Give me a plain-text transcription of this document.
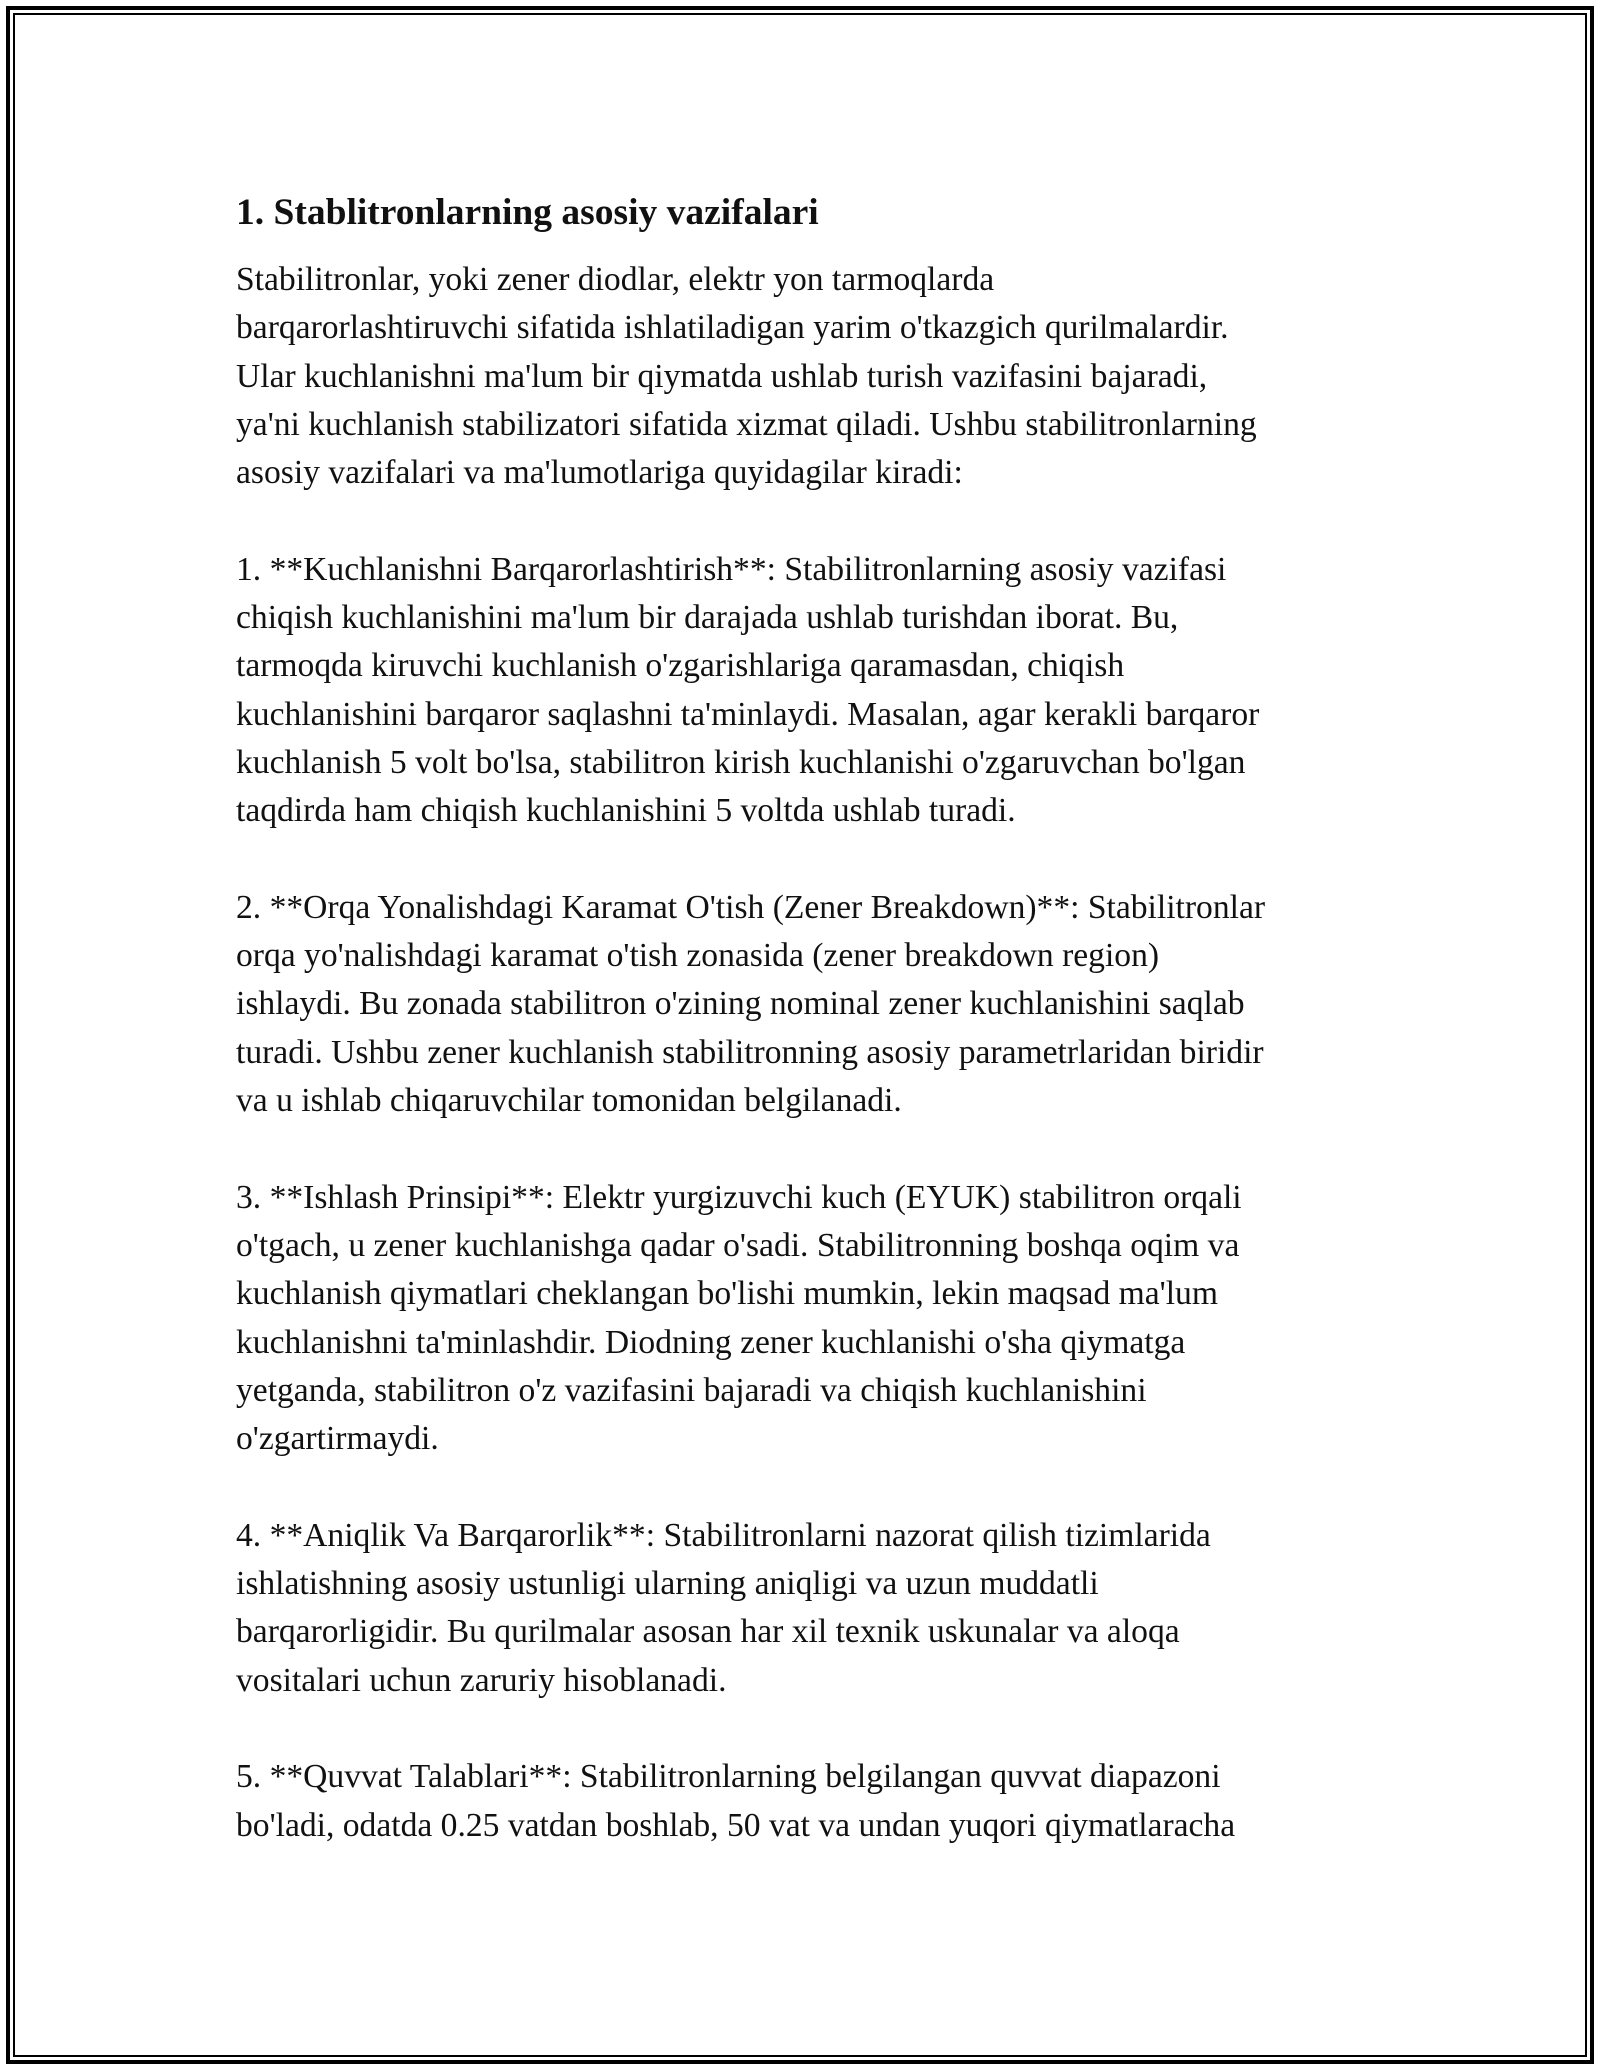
1. Stablitronlarning asosiy vazifalari

Stabilitronlar, yoki zener diodlar, elektr yon tarmoqlarda
barqarorlashtiruvchi sifatida ishlatiladigan yarim o'tkazgich qurilmalardir.
Ular kuchlanishni ma'lum bir qiymatda ushlab turish vazifasini bajaradi,
ya'ni kuchlanish stabilizatori sifatida xizmat qiladi. Ushbu stabilitronlarning
asosiy vazifalari va ma'lumotlariga quyidagilar kiradi:

1. **Kuchlanishni Barqarorlashtirish**: Stabilitronlarning asosiy vazifasi
chiqish kuchlanishini ma'lum bir darajada ushlab turishdan iborat. Bu,
tarmoqda kiruvchi kuchlanish o'zgarishlariga qaramasdan, chiqish
kuchlanishini barqaror saqlashni ta'minlaydi. Masalan, agar kerakli barqaror
kuchlanish 5 volt bo'lsa, stabilitron kirish kuchlanishi o'zgaruvchan bo'lgan
taqdirda ham chiqish kuchlanishini 5 voltda ushlab turadi.

2. **Orqa Yonalishdagi Karamat O'tish (Zener Breakdown)**: Stabilitronlar
orqa yo'nalishdagi karamat o'tish zonasida (zener breakdown region)
ishlaydi. Bu zonada stabilitron o'zining nominal zener kuchlanishini saqlab
turadi. Ushbu zener kuchlanish stabilitronning asosiy parametrlaridan biridir
va u ishlab chiqaruvchilar tomonidan belgilanadi.

3. **Ishlash Prinsipi**: Elektr yurgizuvchi kuch (EYUK) stabilitron orqali
o'tgach, u zener kuchlanishga qadar o'sadi. Stabilitronning boshqa oqim va
kuchlanish qiymatlari cheklangan bo'lishi mumkin, lekin maqsad ma'lum
kuchlanishni ta'minlashdir. Diodning zener kuchlanishi o'sha qiymatga
yetganda, stabilitron o'z vazifasini bajaradi va chiqish kuchlanishini
o'zgartirmaydi.

4. **Aniqlik Va Barqarorlik**: Stabilitronlarni nazorat qilish tizimlarida
ishlatishning asosiy ustunligi ularning aniqligi va uzun muddatli
barqarorligidir. Bu qurilmalar asosan har xil texnik uskunalar va aloqa
vositalari uchun zaruriy hisoblanadi.

5. **Quvvat Talablari**: Stabilitronlarning belgilangan quvvat diapazoni
bo'ladi, odatda 0.25 vatdan boshlab, 50 vat va undan yuqori qiymatlaracha
